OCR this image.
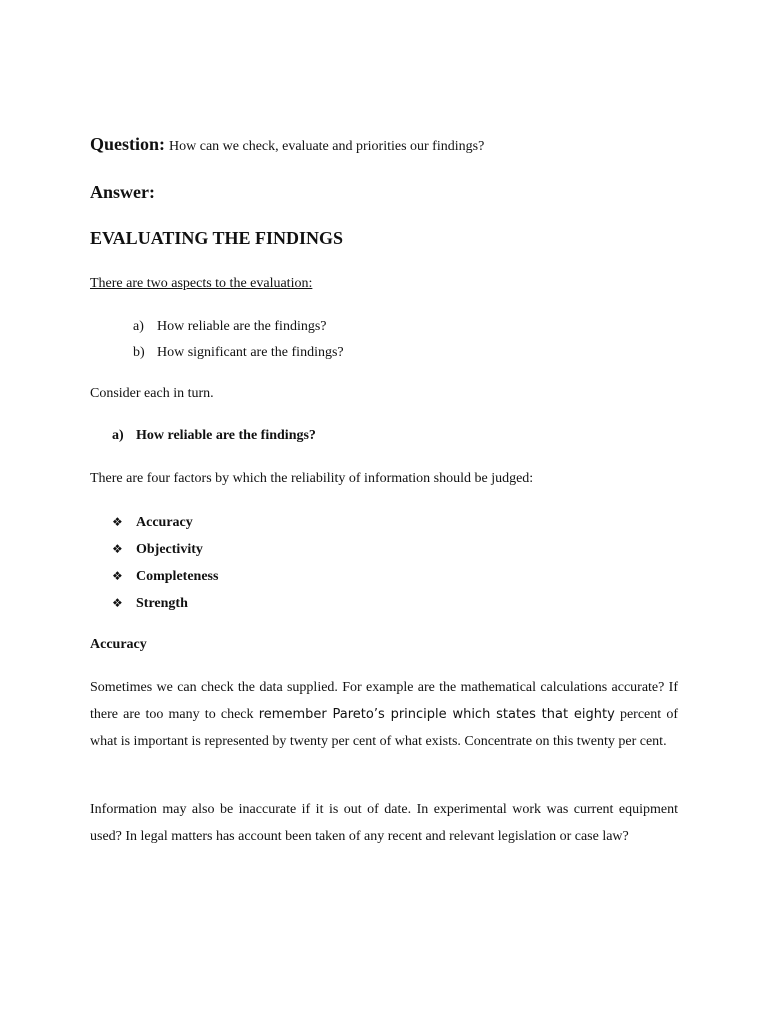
Question: How can we check, evaluate and priorities our findings?
Answer:
EVALUATING THE FINDINGS
There are two aspects to the evaluation:
a) How reliable are the findings?
b) How significant are the findings?
Consider each in turn.
a) How reliable are the findings?
There are four factors by which the reliability of information should be judged:
❖ Accuracy
❖ Objectivity
❖ Completeness
❖ Strength
Accuracy

Sometimes we can check the data supplied. For example are the mathematical calculations accurate? If there are too many to check remember Pareto’s principle which states that eighty percent of what is important is represented by twenty per cent of what exists. Concentrate on this twenty per cent.

Information may also be inaccurate if it is out of date. In experimental work was current equipment used? In legal matters has account been taken of any recent and relevant legislation or case law?
